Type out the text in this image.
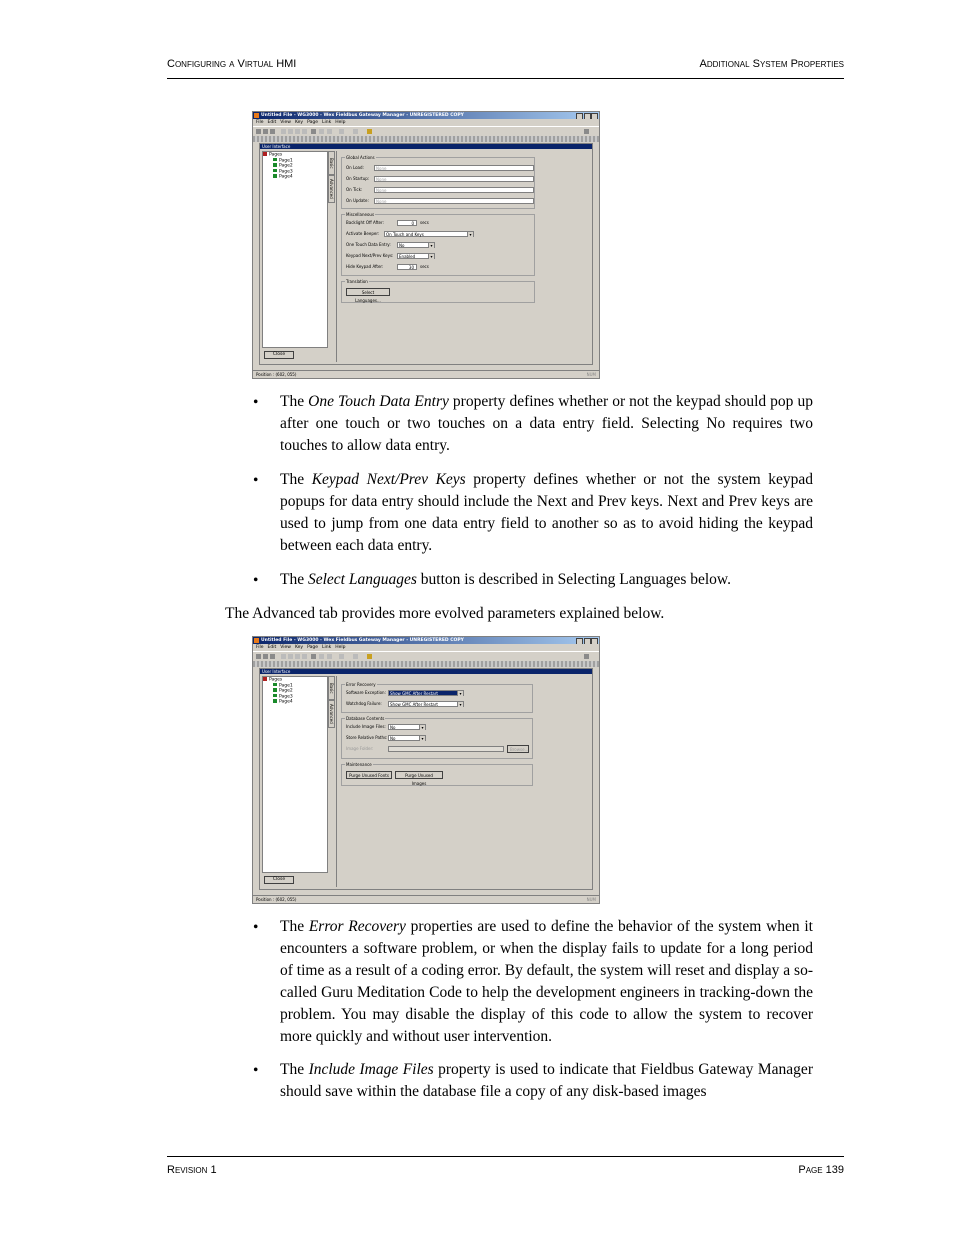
Configuring a Virtual HMI	Additional System Properties
Untitled File - WG3000 - Wex Fieldbus Gateway Manager - UNREGISTERED COPY
File Edit View Key Page Link Help
User Interface
Pages
Page1
Page2
Page3
Page4
Close
Basic
Advanced
Global Actions
On Load:	None
On Startup:	None
On Tick:	None
On Update:	None
Miscellaneous
Backlight Off After:	0	secs
Activate Beeper:	On Touch and Keys ▾
One Touch Data Entry:	No ▾
Keypad Next/Prev Keys:	Enabled ▾
Hide Keypad After:	30	secs
Translation
Select Languages...
Position : (602, 055)	NUM
• The One Touch Data Entry property defines whether or not the keypad should pop up after one touch or two touches on a data entry field. Selecting No requires two touches to allow data entry.
• The Keypad Next/Prev Keys property defines whether or not the system keypad popups for data entry should include the Next and Prev keys. Next and Prev keys are used to jump from one data entry field to another so as to avoid hiding the keypad between each data entry.
• The Select Languages button is described in Selecting Languages below.
The Advanced tab provides more evolved parameters explained below.
Untitled File - WG3000 - Wex Fieldbus Gateway Manager - UNREGISTERED COPY
File Edit View Key Page Link Help
User Interface
Pages
Page1
Page2
Page3
Page4
Close
Basic
Advanced
Error Recovery
Software Exception:	Show GMC After Restart ▾
Watchdog Failure:	Show GMC After Restart ▾
Database Contents
Include Image Files:	No ▾
Store Relative Paths: No ▾
Image Folder:	Browse...
Maintenance
Purge Unused Fonts	Purge Unused Images
Position : (602, 055)	NUM
• The Error Recovery properties are used to define the behavior of the system when it encounters a software problem, or when the display fails to update for a long period of time as a result of a coding error. By default, the system will reset and display a so-called Guru Meditation Code to help the development engineers in tracking-down the problem. You may disable the display of this code to allow the system to recover more quickly and without user intervention.
• The Include Image Files property is used to indicate that Fieldbus Gateway Manager should save within the database file a copy of any disk-based images
Revision 1	Page 139
